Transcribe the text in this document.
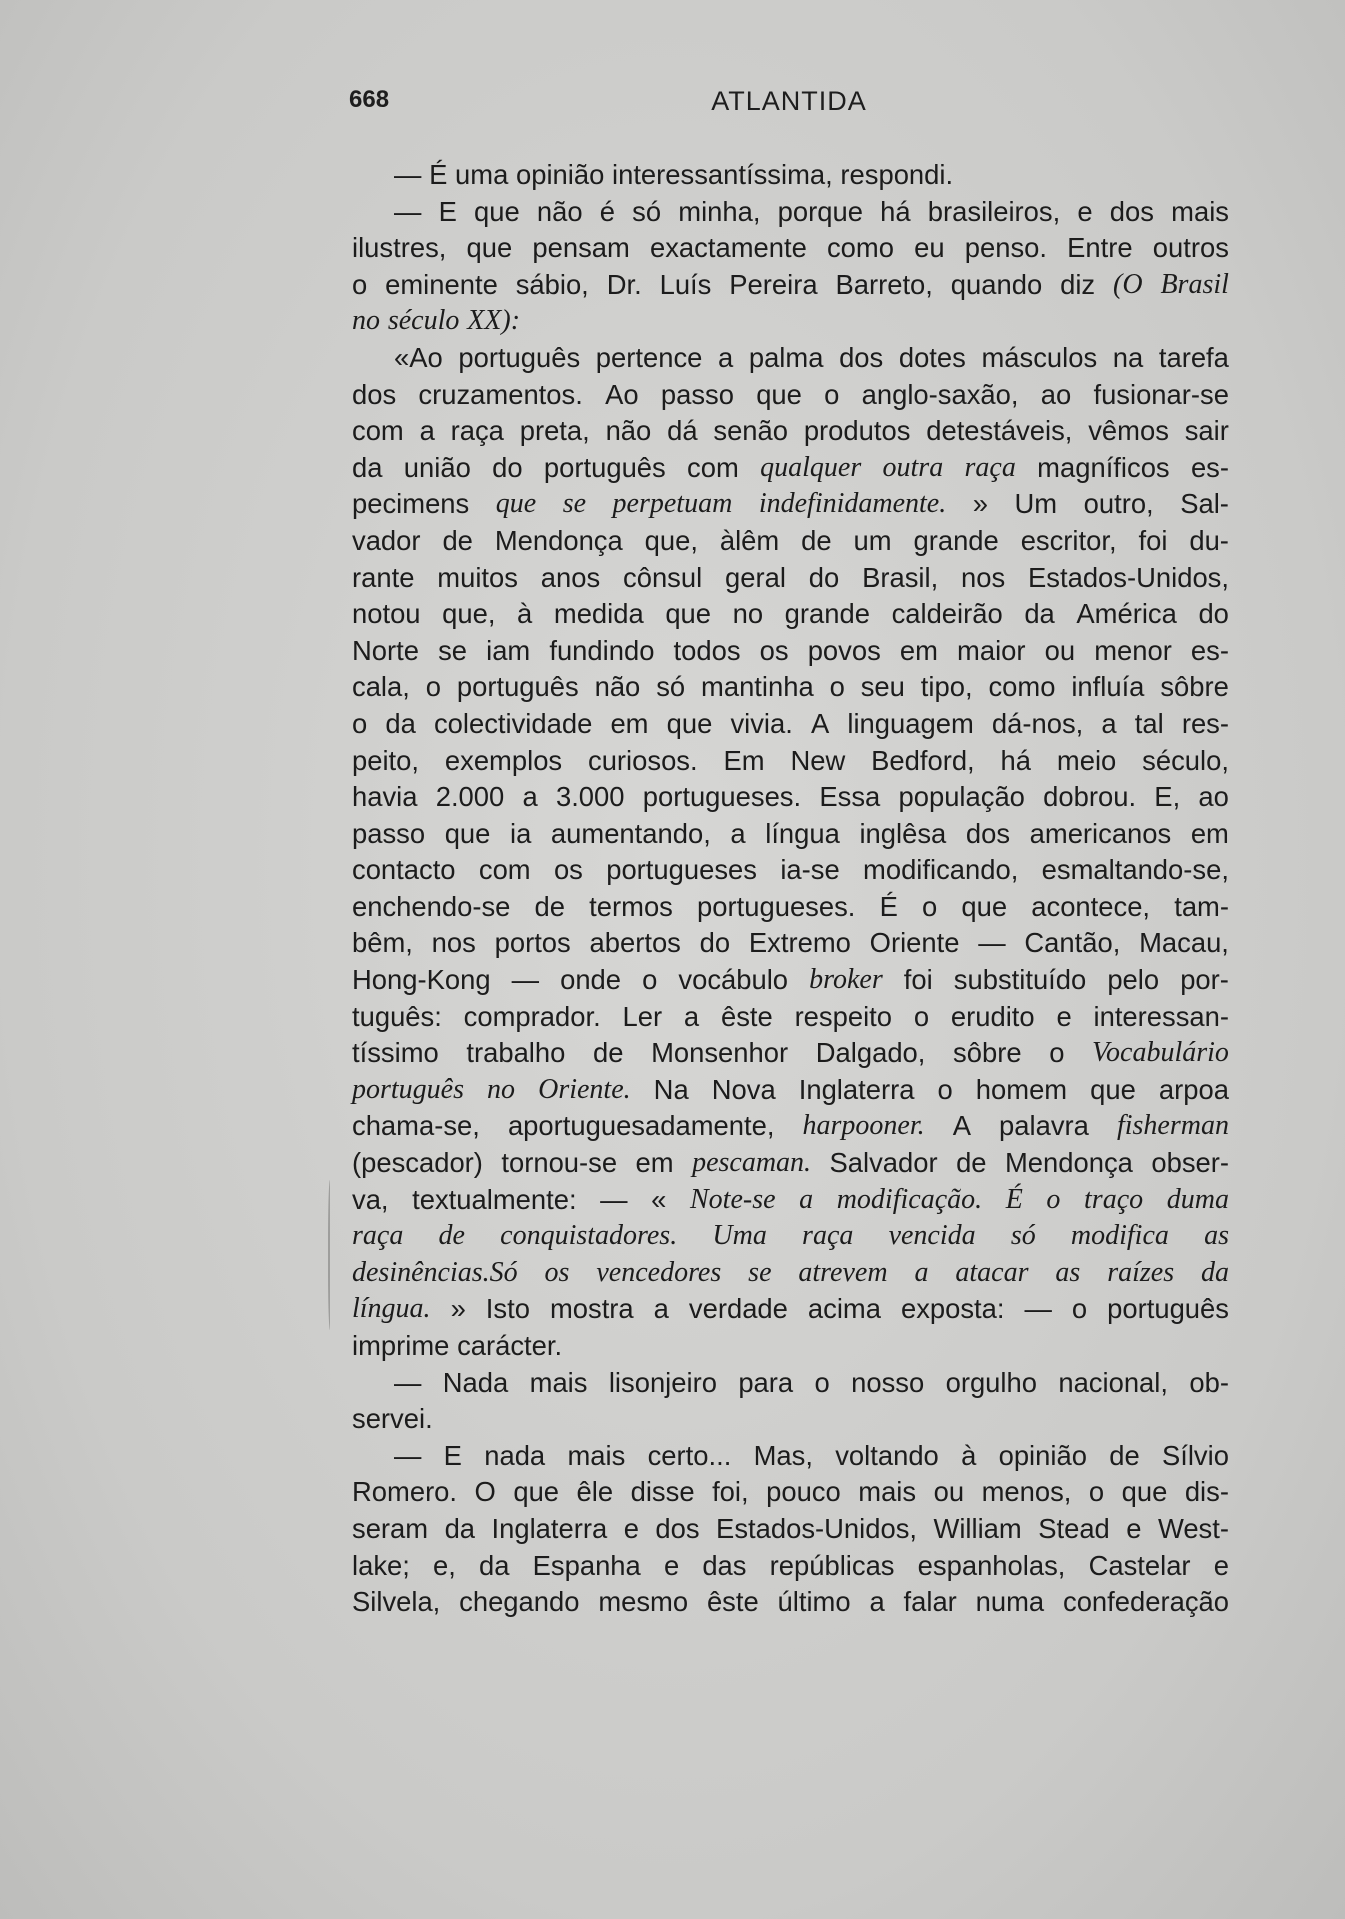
668	ATLANTIDA
— É uma opinião interessantíssima, respondi.
— E que não é só minha, porque há brasileiros, e dos mais
ilustres, que pensam exactamente como eu penso. Entre outros
o eminente sábio, Dr. Luís Pereira Barreto, quando diz (O Brasil
no século XX):
«Ao português pertence a palma dos dotes másculos na tarefa
dos cruzamentos. Ao passo que o anglo-saxão, ao fusionar-se
com a raça preta, não dá senão produtos detestáveis, vêmos sair
da união do português com qualquer outra raça magníficos es-
pecimens que se perpetuam indefinidamente. » Um outro, Sal-
vador de Mendonça que, àlêm de um grande escritor, foi du-
rante muitos anos cônsul geral do Brasil, nos Estados-Unidos,
notou que, à medida que no grande caldeirão da América do
Norte se iam fundindo todos os povos em maior ou menor es-
cala, o português não só mantinha o seu tipo, como influía sôbre
o da colectividade em que vivia. A linguagem dá-nos, a tal res-
peito, exemplos curiosos. Em New Bedford, há meio século,
havia 2.000 a 3.000 portugueses. Essa população dobrou. E, ao
passo que ia aumentando, a língua inglêsa dos americanos em
contacto com os portugueses ia-se modificando, esmaltando-se,
enchendo-se de termos portugueses. É o que acontece, tam-
bêm, nos portos abertos do Extremo Oriente — Cantão, Macau,
Hong-Kong — onde o vocábulo broker foi substituído pelo por-
tuguês: comprador. Ler a êste respeito o erudito e interessan-
tíssimo trabalho de Monsenhor Dalgado, sôbre o Vocabulário
português no Oriente. Na Nova Inglaterra o homem que arpoa
chama-se, aportuguesadamente, harpooner. A palavra fisherman
(pescador) tornou-se em pescaman. Salvador de Mendonça obser-
va, textualmente: — « Note-se a modificação. É o traço duma
raça de conquistadores. Uma raça vencida só modifica as
desinências.Só os vencedores se atrevem a atacar as raízes da
língua. » Isto mostra a verdade acima exposta: — o português
imprime carácter.
— Nada mais lisonjeiro para o nosso orgulho nacional, ob-
servei.
— E nada mais certo... Mas, voltando à opinião de Sílvio
Romero. O que êle disse foi, pouco mais ou menos, o que dis-
seram da Inglaterra e dos Estados-Unidos, William Stead e West-
lake; e, da Espanha e das repúblicas espanholas, Castelar e
Silvela, chegando mesmo êste último a falar numa confederação
